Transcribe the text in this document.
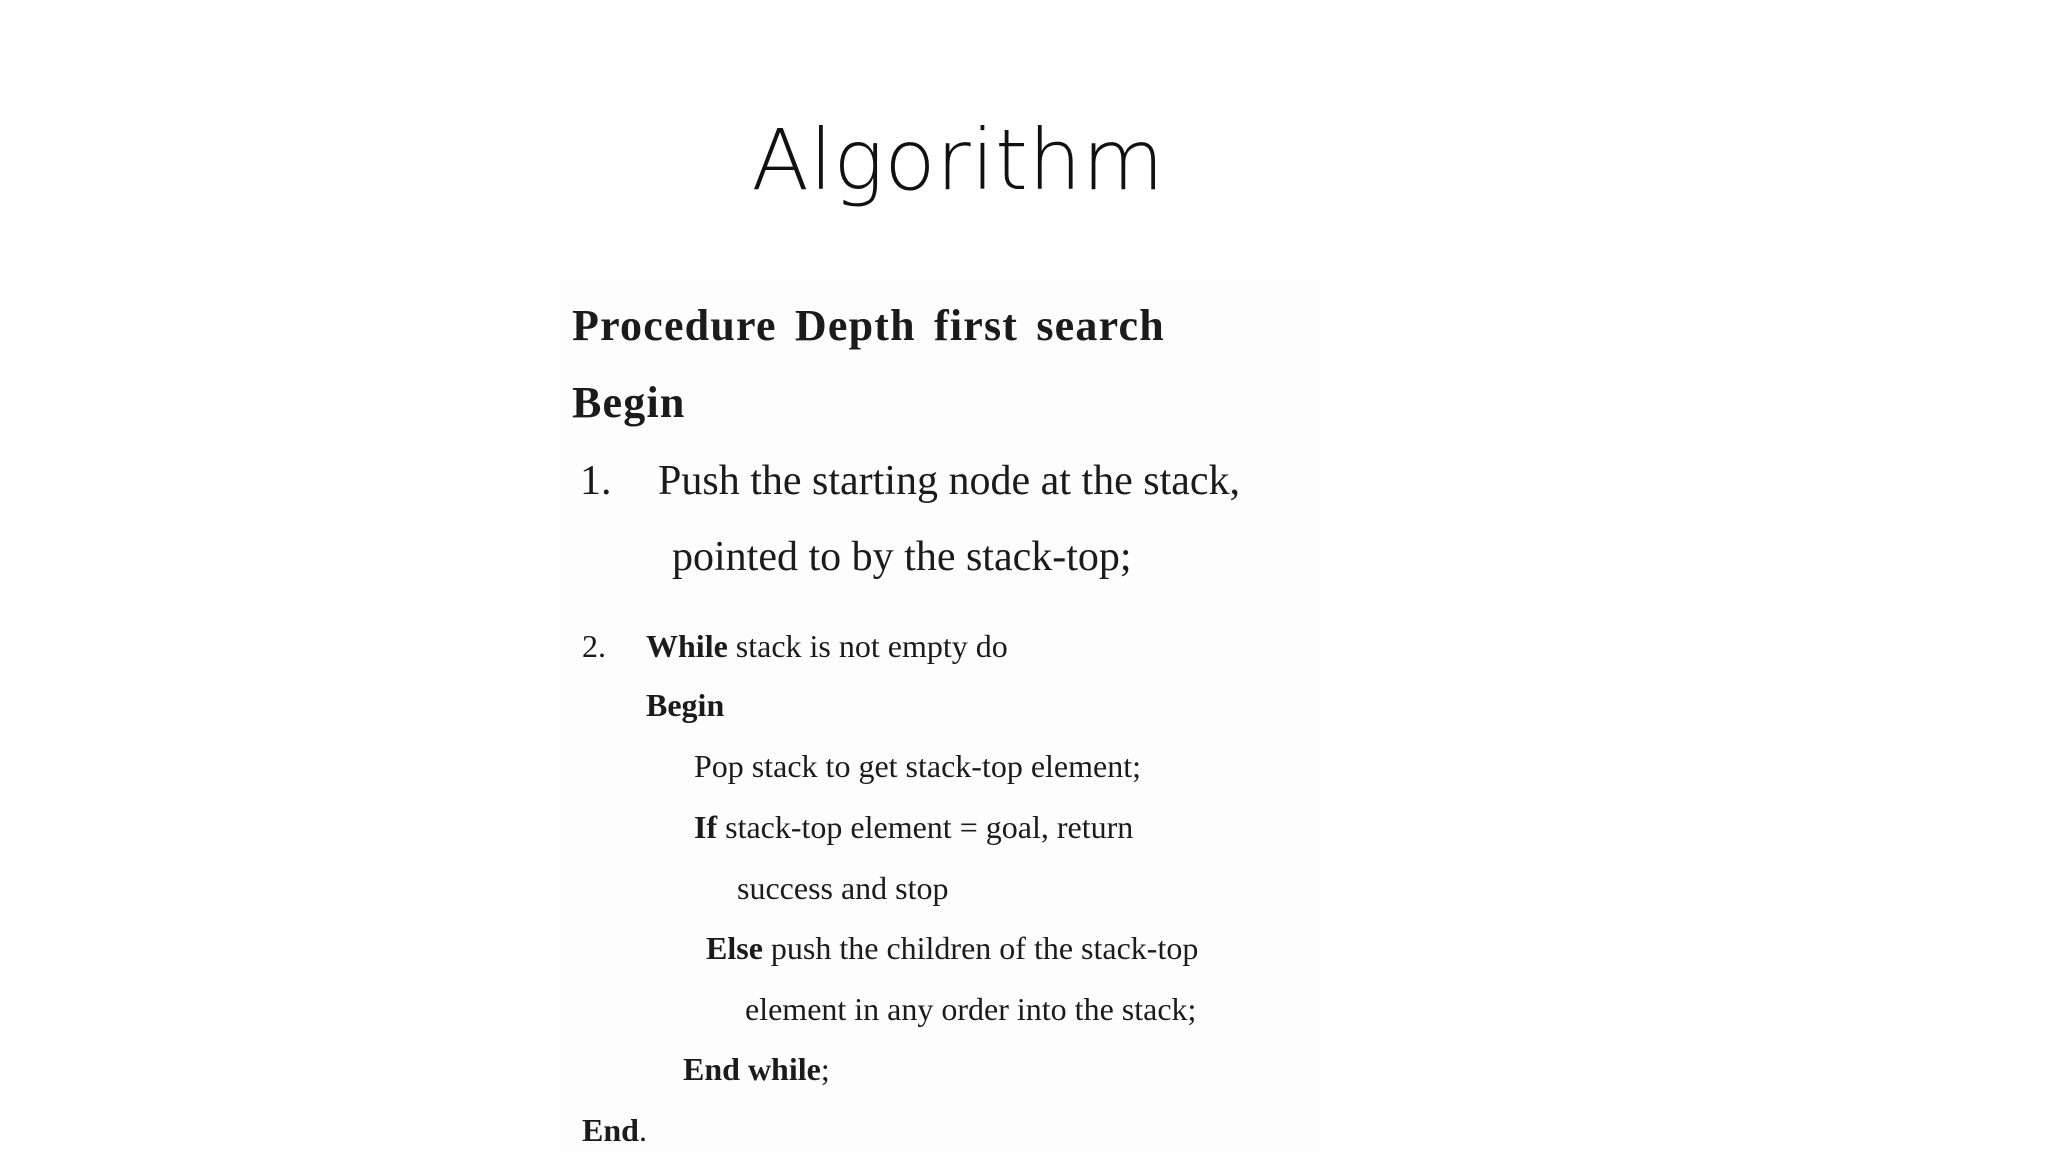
Algorithm
Procedure Depth first search
Begin
1. Push the starting node at the stack,
pointed to by the stack-top;
2. While stack is not empty do
Begin
Pop stack to get stack-top element;
If stack-top element = goal, return
success and stop
Else push the children of the stack-top
element in any order into the stack;
End while;
End.
